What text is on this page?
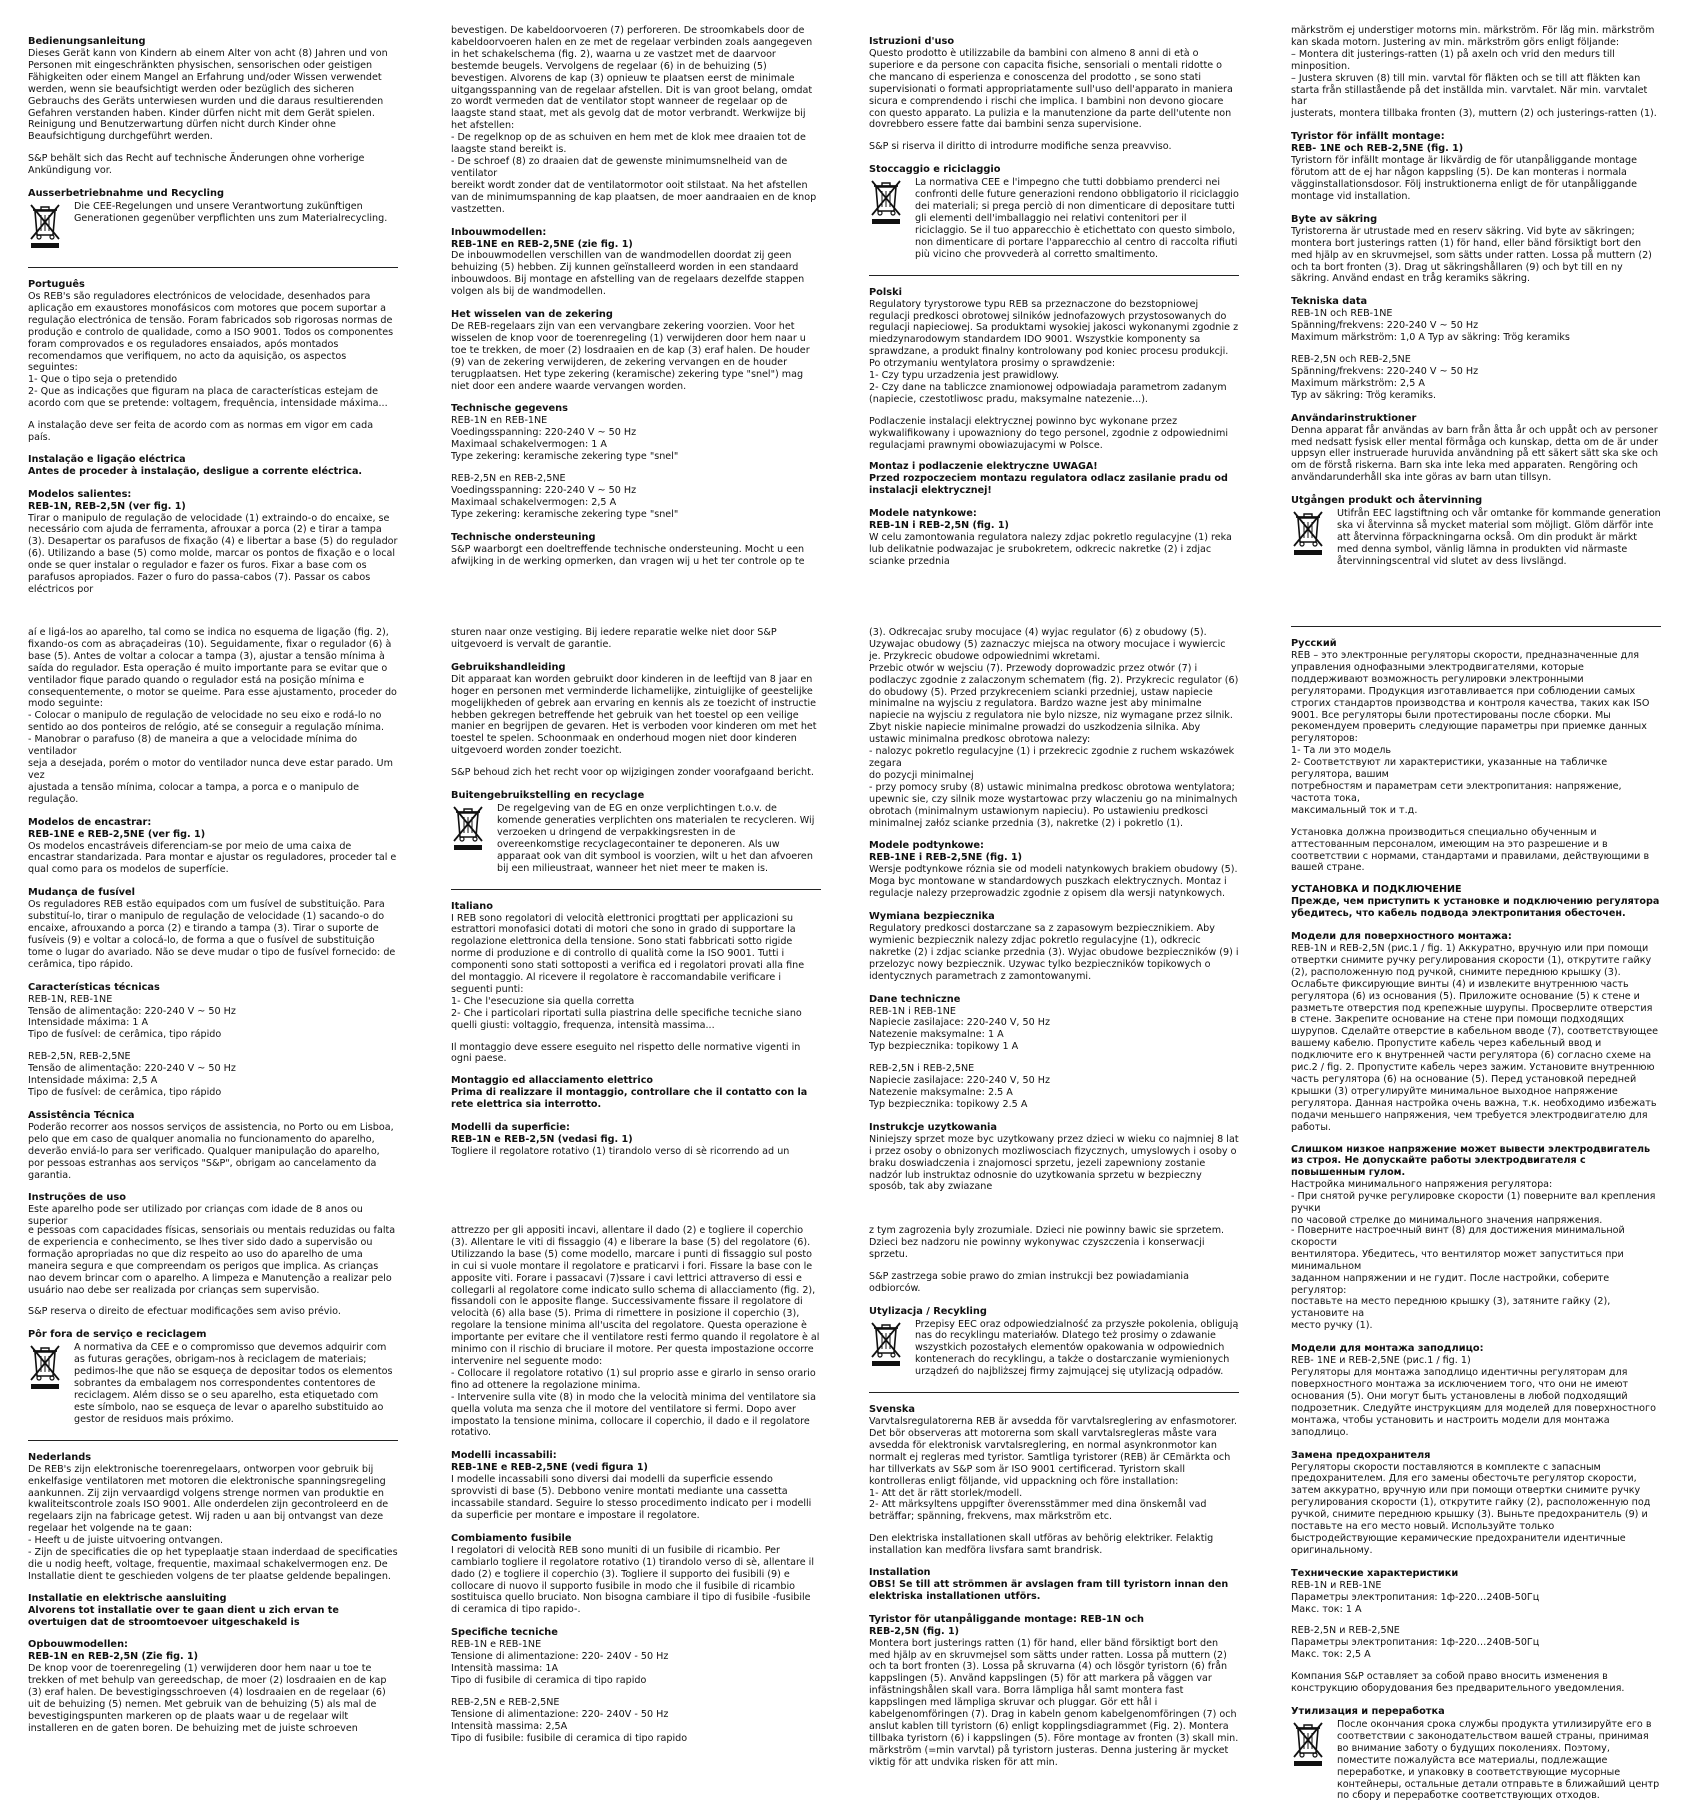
Bedienungsanleitung

Dieses Gerät kann von Kindern ab einem Alter von acht (8) Jahren und von Personen mit eingeschränkten physischen, sensorischen oder geistigen Fähigkeiten oder einem Mangel an Erfahrung und/oder Wissen verwendet werden, wenn sie beaufsichtigt werden oder bezüglich des sicheren Gebrauchs des Geräts unterwiesen wurden und die daraus resultierenden Gefahren verstanden haben. Kinder dürfen nicht mit dem Gerät spielen. Reinigung und Benutzerwartung dürfen nicht durch Kinder ohne Beaufsichtigung durchgeführt werden.

S&P behält sich das Recht auf technische Änderungen ohne vorherige Ankündigung vor.

Ausserbetriebnahme und Recycling
Die CEE-Regelungen und unsere Verantwortung zukünftigen Generationen gegenüber verpflichten uns zum Materialrecycling.
Português

Os REB's são reguladores electrónicos de velocidade, desenhados para aplicação em exaustores monofásicos com motores que pocem suportar a regulação electrónica de tensão. Foram fabricados sob rigorosas normas de produção e controlo de qualidade, como a ISO 9001. Todos os componentes foram comprovados e os reguladores ensaiados, após montados recomendamos que verifiquem, no acto da aquisição, os aspectos seguintes:
1- Que o tipo seja o pretendido
2- Que as indicações que figuram na placa de características estejam de
acordo com que se pretende: voltagem, frequência, intensidade máxima...

A instalação deve ser feita de acordo com as normas em vigor em cada país.

Instalação e ligação eléctrica

Antes de proceder à instalação, desligue a corrente eléctrica.

Modelos salientes:

REB-1N, REB-2,5N (ver fig. 1)

Tirar o manipulo de regulação de velocidade (1) extraindo-o do encaixe, se necessário com ajuda de ferramenta, afrouxar a porca (2) e tirar a tampa (3). Desapertar os parafusos de fixação (4) e libertar a base (5) do regulador (6). Utilizando a base (5) como molde, marcar os pontos de fixação e o local onde se quer instalar o regulador e fazer os furos. Fixar a base com os parafusos apropiados. Fazer o furo do passa-cabos (7). Passar os cabos eléctricos por

bevestigen. De kabeldoorvoeren (7) perforeren. De stroomkabels door de kabeldoorvoeren halen en ze met de regelaar verbinden zoals aangegeven in het schakelschema (fig. 2), waarna u ze vastzet met de daarvoor bestemde beugels. Vervolgens de regelaar (6) in de behuizing (5) bevestigen. Alvorens de kap (3) opnieuw te plaatsen eerst de minimale uitgangsspanning van de regelaar afstellen. Dit is van groot belang, omdat zo wordt vermeden dat de ventilator stopt wanneer de regelaar op de laagste stand staat, met als gevolg dat de motor verbrandt. Werkwijze bij het afstellen:
- De regelknop op de as schuiven en hem met de klok mee draaien tot de
laagste stand bereikt is.
- De schroef (8) zo draaien dat de gewenste minimumsnelheid van de ventilator
bereikt wordt zonder dat de ventilatormotor ooit stilstaat. Na het afstellen
van de minimumspanning de kap plaatsen, de moer aandraaien en de knop
vastzetten.

Inbouwmodellen:

REB-1NE en REB-2,5NE (zie fig. 1)

De inbouwmodellen verschillen van de wandmodellen doordat zij geen behuizing (5) hebben. Zij kunnen geïnstalleerd worden in een standaard inbouwdoos. Bij montage en afstelling van de regelaars dezelfde stappen volgen als bij de wandmodellen.

Het wisselen van de zekering

De REB-regelaars zijn van een vervangbare zekering voorzien. Voor het wisselen de knop voor de toerenregeling (1) verwijderen door hem naar u toe te trekken, de moer (2) losdraaien en de kap (3) eraf halen. De houder (9) van de zekering verwijderen, de zekering vervangen en de houder terugplaatsen. Het type zekering (keramische) zekering type "snel") mag niet door een andere waarde vervangen worden.

Technische gegevens

REB-1N en REB-1NE
Voedingsspanning: 220-240 V ~ 50 Hz
Maximaal schakelvermogen: 1 A
Type zekering: keramische zekering type "snel"

REB-2,5N en REB-2,5NE
Voedingsspanning: 220-240 V ~ 50 Hz
Maximaal schakelvermogen: 2,5 A
Type zekering: keramische zekering type "snel"

Technische ondersteuning

S&P waarborgt een doeltreffende technische ondersteuning. Mocht u een afwijking in de werking opmerken, dan vragen wij u het ter controle op te

Istruzioni d'uso

Questo prodotto è utilizzabile da bambini con almeno 8 anni di età o superiore e da persone con capacita fisiche, sensoriali o mentali ridotte o che mancano di esperienza e conoscenza del prodotto , se sono stati supervisionati o formati appropriatamente sull'uso dell'apparato in maniera sicura e comprendendo i rischi che implica. I bambini non devono giocare con questo apparato. La pulizia e la manutenzione da parte dell'utente non dovrebbero essere fatte dai bambini senza supervisione.

S&P si riserva il diritto di introdurre modifiche senza preavviso.

Stoccaggio e riciclaggio
La normativa CEE e l'impegno che tutti dobbiamo prenderci nei confronti delle future generazioni rendono obbligatorio il riciclaggio dei materiali; si prega perciò di non dimenticare di depositare tutti gli elementi dell'imballaggio nei relativi contenitori per il riciclaggio. Se il tuo apparecchio è etichettato con questo simbolo, non dimenticare di portare l'apparecchio al centro di raccolta rifiuti più vicino che provvederà al corretto smaltimento.
Polski

Regulatory tyrystorowe typu REB sa przeznaczone do bezstopniowej regulacji predkosci obrotowej silników jednofazowych przystosowanych do regulacji napieciowej. Sa produktami wysokiej jakosci wykonanymi zgodnie z miedzynarodowym standardem IDO 9001. Wszystkie komponenty sa sprawdzane, a produkt finalny kontrolowany pod koniec procesu produkcji. Po otrzymaniu wentylatora prosimy o sprawdzenie:
1- Czy typu urzadzenia jest prawidlowy.
2- Czy dane na tabliczce znamionowej odpowiadaja parametrom zadanym
(napiecie, czestotliwosc pradu, maksymalne natezenie...).

Podlaczenie instalacji elektrycznej powinno byc wykonane przez wykwalifikowany i upowazniony do tego personel, zgodnie z odpowiednimi regulacjami prawnymi obowiazujacymi w Polsce.

Montaz i podlaczenie elektryczne UWAGA!

Przed rozpoczeciem montazu regulatora odlacz zasilanie pradu od instalacji elektrycznej!

Modele natynkowe:

REB-1N i REB-2,5N (fig. 1)

W celu zamontowania regulatora nalezy zdjac pokretlo regulacyjne (1) reka lub delikatnie podwazajac je srubokretem, odkrecic nakretke (2) i zdjac scianke przednia

märkström ej understiger motorns min. märkström. För låg min. märkström kan skada motorn. Justering av min. märkström görs enligt följande:
– Montera dit justerings-ratten (1) på axeln och vrid den medurs till minposition.
– Justera skruven (8) till min. varvtal för fläkten och se till att fläkten kan
starta från stillastående på det inställda min. varvtalet. När min. varvtalet har
justerats, montera tillbaka fronten (3), muttern (2) och justerings-ratten (1).

Tyristor för infällt montage:

REB- 1NE och REB-2,5NE (fig. 1)

Tyristorn för infällt montage är likvärdig de för utanpåliggande montage förutom att de ej har någon kappsling (5). De kan monteras i normala vägginstallationsdosor. Följ instruktionerna enligt de för utanpåliggande montage vid installation.

Byte av säkring

Tyristorerna är utrustade med en reserv säkring. Vid byte av säkringen; montera bort justerings ratten (1) för hand, eller bänd försiktigt bort den med hjälp av en skruvmejsel, som sätts under ratten. Lossa på muttern (2) och ta bort fronten (3). Drag ut säkringshållaren (9) och byt till en ny säkring. Använd endast en tråg keramiks säkring.

Tekniska data

REB-1N och REB-1NE
Spänning/frekvens: 220-240 V ~ 50 Hz
Maximum märkström: 1,0 A Typ av säkring: Trög keramiks

REB-2,5N och REB-2,5NE
Spänning/frekvens: 220-240 V ~ 50 Hz
Maximum märkström: 2,5 A
Typ av säkring: Trög keramiks.

Användarinstruktioner

Denna apparat får användas av barn från åtta år och uppåt och av personer med nedsatt fysisk eller mental förmåga och kunskap, detta om de är under uppsyn eller instruerade huruvida användning på ett säkert sätt ska ske och om de förstå riskerna. Barn ska inte leka med apparaten. Rengöring och användarunderhåll ska inte göras av barn utan tillsyn.

Utgången produkt och återvinning
Utifrån EEC lagstiftning och vår omtanke för kommande generation ska vi återvinna så mycket material som möjligt. Glöm därför inte att återvinna förpackningarna också. Om din produkt är märkt med denna symbol, vänlig lämna in produkten vid närmaste återvinningscentral vid slutet av dess livslängd.

aí e ligá-los ao aparelho, tal como se indica no esquema de ligação (fig. 2), fixando-os com as abraçadeiras (10). Seguidamente, fixar o regulador (6) à base (5). Antes de voltar a colocar a tampa (3), ajustar a tensão mínima à saída do regulador. Esta operação é muito importante para se evitar que o ventilador fique parado quando o regulador está na posição mínima e consequentemente, o motor se queime. Para esse ajustamento, proceder do modo seguinte:
- Colocar o manipulo de regulação de velocidade no seu eixo e rodá-lo no
sentido ao dos ponteiros de relógio, até se conseguir a regulação mínima.
- Manobrar o parafuso (8) de maneira a que a velocidade mínima do ventilador
seja a desejada, porém o motor do ventilador nunca deve estar parado. Um vez
ajustada a tensão mínima, colocar a tampa, a porca e o manipulo de regulação.

Modelos de encastrar:

REB-1NE e REB-2,5NE (ver fig. 1)

Os modelos encastráveis diferenciam-se por meio de uma caixa de encastrar standarizada. Para montar e ajustar os reguladores, proceder tal e qual como para os modelos de superfície.

Mudança de fusível

Os reguladores REB estão equipados com um fusível de substituição. Para substituí-lo, tirar o manipulo de regulação de velocidade (1) sacando-o do encaixe, afrouxando a porca (2) e tirando a tampa (3). Tirar o suporte de fusíveis (9) e voltar a colocá-lo, de forma a que o fusível de substituição tome o lugar do avariado. Não se deve mudar o tipo de fusível fornecido: de cerâmica, tipo rápido.

Características técnicas

REB-1N, REB-1NE
Tensão de alimentação: 220-240 V ~ 50 Hz
Intensidade máxima: 1 A
Tipo de fusível: de cerâmica, tipo rápido

REB-2,5N, REB-2,5NE
Tensão de alimentação: 220-240 V ~ 50 Hz
Intensidade máxima: 2,5 A
Tipo de fusível: de cerâmica, tipo rápido

Assistência Técnica

Poderão recorrer aos nossos serviços de assistencia, no Porto ou em Lisboa, pelo que em caso de qualquer anomalia no funcionamento do aparelho, deverão enviá-lo para ser verificado. Qualquer manipulação do aparelho, por pessoas estranhas aos serviços "S&P", obrigam ao cancelamento da garantia.

Instruções de uso

Este aparelho pode ser utilizado por crianças com idade de 8 anos ou superior

sturen naar onze vestiging. Bij iedere reparatie welke niet door S&P uitgevoerd is vervalt de garantie.

Gebruikshandleiding

Dit apparaat kan worden gebruikt door kinderen in de leeftijd van 8 jaar en hoger en personen met verminderde lichamelijke, zintuiglijke of geestelijke mogelijkheden of gebrek aan ervaring en kennis als ze toezicht of instructie hebben gekregen betreffende het gebruik van het toestel op een veilige manier en begrijpen de gevaren. Het is verboden voor kinderen om met het toestel te spelen. Schoonmaak en onderhoud mogen niet door kinderen uitgevoerd worden zonder toezicht.

S&P behoud zich het recht voor op wijzigingen zonder voorafgaand bericht.

Buitengebruikstelling en recyclage
De regelgeving van de EG en onze verplichtingen t.o.v. de komende generaties verplichten ons materialen te recycleren. Wij verzoeken u dringend de verpakkingsresten in de overeenkomstige recyclagecontainer te deponeren. Als uw apparaat ook van dit symbool is voorzien, wilt u het dan afvoeren bij een milieustraat, wanneer het niet meer te maken is.
Italiano

I REB sono regolatori di velocità elettronici progttati per applicazioni su estrattori monofasici dotati di motori che sono in grado di supportare la regolazione elettronica della tensione. Sono stati fabbricati sotto rigide norme di produzione e di controllo di qualità come la ISO 9001. Tutti i componenti sono stati sottoposti a verifica ed i regolatori provati alla fine del montaggio. Al ricevere il regolatore è raccomandabile verificare i seguenti punti:
1- Che l'esecuzione sia quella corretta
2- Che i particolari riportati sulla piastrina delle specifiche tecniche siano
quelli giusti: voltaggio, frequenza, intensità massima...

Il montaggio deve essere eseguito nel rispetto delle normative vigenti in ogni paese.

Montaggio ed allacciamento elettrico

Prima di realizzare il montaggio, controllare che il contatto con la rete elettrica sia interrotto.

Modelli da superficie:

REB-1N e REB-2,5N (vedasi fig. 1)

Togliere il regolatore rotativo (1) tirandolo verso di sè ricorrendo ad un

(3). Odkrecajac sruby mocujace (4) wyjac regulator (6) z obudowy (5). Uzywajac obudowy (5) zaznaczyc miejsca na otwory mocujace i wywiercic je. Przykrecic obudowe odpowiednimi wkretami.
Przebic otwór w wejsciu (7). Przewody doprowadzic przez otwór (7) i podlaczyc zgodnie z zalaczonym schematem (fig. 2). Przykrecic regulator (6) do obudowy (5). Przed przykreceniem scianki przedniej, ustaw napiecie minimalne na wyjsciu z regulatora. Bardzo wazne jest aby minimalne napiecie na wyjsciu z regulatora nie bylo nizsze, niz wymagane przez silnik. Zbyt niskie napiecie minimalne prowadzi do uszkodzenia silnika. Aby ustawic minimalna predkosc obrotowa nalezy:
- nalozyc pokretlo regulacyjne (1) i przekrecic zgodnie z ruchem wskazówek zegara
do pozycji minimalnej
- przy pomocy sruby (8) ustawic minimalna predkosc obrotowa wentylatora;
upewnic sie, czy silnik moze wystartowac przy wlaczeniu go na minimalnych
obrotach (minimalnym ustawionym napieciu). Po ustawieniu predkosci
minimalnej załóz scianke przednia (3), nakretke (2) i pokretlo (1).

Modele podtynkowe:

REB-1NE i REB-2,5NE (fig. 1)

Wersje podtynkowe róznia sie od modeli natynkowych brakiem obudowy (5). Moga byc montowane w standardowych puszkach elektrycznych. Montaz i regulacje nalezy przeprowadzic zgodnie z opisem dla wersji natynkowych.

Wymiana bezpiecznika

Regulatory predkosci dostarczane sa z zapasowym bezpiecznikiem. Aby wymienic bezpiecznik nalezy zdjac pokretlo regulacyjne (1), odkrecic nakretke (2) i zdjac scianke przednia (3). Wyjac obudowe bezpieczników (9) i przelozyc nowy bezpiecznik. Uzywac tylko bezpieczników topikowych o identycznych parametrach z zamontowanymi.

Dane techniczne

REB-1N i REB-1NE
Napiecie zasilajace: 220-240 V, 50 Hz
Natezenie maksymalne: 1 A
Typ bezpiecznika: topikowy 1 A

REB-2,5N i REB-2,5NE
Napiecie zasilajace: 220-240 V, 50 Hz
Natezenie maksymalne: 2.5 A
Typ bezpiecznika: topikowy 2.5 A

Instrukcje uzytkowania

Niniejszy sprzet moze byc uzytkowany przez dzieci w wieku co najmniej 8 lat i przez osoby o obnizonych mozliwosciach fizycznych, umyslowych i osoby o braku doswiadczenia i znajomosci sprzetu, jezeli zapewniony zostanie nadzór lub instruktaz odnosnie do uzytkowania sprzetu w bezpieczny sposób, tak aby zwiazane

Русский

REB – это электронные регуляторы скорости, предназначенные для управления однофазными электродвигателями, которые поддерживают возможность регулировки электронными регуляторами. Продукция изготавливается при соблюдении самых строгих стандартов производства и контроля качества, таких как ISO 9001. Все регуляторы были протестированы после сборки. Мы рекомендуем проверить следующие параметры при приемке данных регуляторов:
1- Та ли это модель
2- Соответствуют ли характеристики, указанные на табличке регулятора, вашим
потребностям и параметрам сети электропитания: напряжение, частота тока,
максимальный ток и т.д.

Установка должна производиться специально обученным и аттестованным персоналом, имеющим на это разрешение и в соответствии с нормами, стандартами и правилами, действующими в вашей стране.

УСТАНОВКА И ПОДКЛЮЧЕНИЕ

Прежде, чем приступить к установке и подключению регулятора убедитесь, что кабель подвода электропитания обесточен.

Модели для поверхностного монтажа:

REB-1N и REB-2,5N (рис.1 / fig. 1) Аккуратно, вручную или при помощи отвертки снимите ручку регулирования скорости (1), открутите гайку (2), расположенную под ручкой, снимите переднюю крышку (3). Ослабьте фиксирующие винты (4) и извлеките внутреннюю часть регулятора (6) из основания (5). Приложите основание (5) к стене и разметьте отверстия под крепежные шурупы. Просверлите отверстия в стене. Закрепите основание на стене при помощи подходящих шурупов. Сделайте отверстие в кабельном вводе (7), соответствующее вашему кабелю. Пропустите кабель через кабельный ввод и подключите его к внутренней части регулятора (6) согласно схеме на рис.2 / fig. 2. Пропустите кабель через зажим. Установите внутреннюю часть регулятора (6) на основание (5). Перед установкой передней крышки (3) отрегулируйте минимальное выходное напряжение регулятора. Данная настройка очень важна, т.к. необходимо избежать подачи меньшего напряжения, чем требуется электродвигателю для работы.

Слишком низкое напряжение может вывести электродвигатель из строя. Не допускайте работы электродвигателя с повышенным гулом.

Настройка минимального напряжения регулятора:
- При снятой ручке регулировке скорости (1) поверните вал крепления ручки
по часовой стрелке до минимального значения напряжения.

e pessoas com capacidades físicas, sensoriais ou mentais reduzidas ou falta de experiencia e conhecimento, se lhes tiver sido dado a supervisão ou formação apropriadas no que diz respeito ao uso do aparelho de uma maneira segura e que compreendam os perigos que implica. As crianças nao devem brincar com o aparelho. A limpeza e Manutenção a realizar pelo usuário nao debe ser realizada por crianças sem supervisão.

S&P reserva o direito de efectuar modificações sem aviso prévio.

Pôr fora de serviço e reciclagem
A normativa da CEE e o compromisso que devemos adquirir com as futuras gerações, obrigam-nos à reciclagem de materiais; pedimos-lhe que não se esqueça de depositar todos os elementos sobrantes da embalagem nos correspondentes contentores de reciclagem. Além disso se o seu aparelho, esta etiquetado com este símbolo, nao se esqueça de levar o aparelho substituido ao gestor de residuos mais próximo.
Nederlands

De REB's zijn elektronische toerenregelaars, ontworpen voor gebruik bij enkelfasige ventilatoren met motoren die elektronische spanningsregeling aankunnen. Zij zijn vervaardigd volgens strenge normen van produktie en kwaliteitscontrole zoals ISO 9001. Alle onderdelen zijn gecontroleerd en de regelaars zijn na fabricage getest. Wij raden u aan bij ontvangst van deze regelaar het volgende na te gaan:
- Heeft u de juiste uitvoering ontvangen.
- Zijn de specificaties die op het typeplaatje staan inderdaad de specificaties
die u nodig heeft, voltage, frequentie, maximaal schakelvermogen enz. De
Installatie dient te geschieden volgens de ter plaatse geldende bepalingen.

Installatie en elektrische aansluiting

Alvorens tot installatie over te gaan dient u zich ervan te overtuigen dat de stroomtoevoer uitgeschakeld is

Opbouwmodellen:

REB-1N en REB-2,5N (Zie fig. 1)

De knop voor de toerenregeling (1) verwijderen door hem naar u toe te trekken of met behulp van gereedschap, de moer (2) losdraaien en de kap (3) eraf halen. De bevestigingsschroeven (4) losdraaien en de regelaar (6) uit de behuizing (5) nemen. Met gebruik van de behuizing (5) als mal de bevestigingspunten markeren op de plaats waar u de regelaar wilt installeren en de gaten boren. De behuizing met de juiste schroeven

attrezzo per gli appositi incavi, allentare il dado (2) e togliere il coperchio (3). Allentare le viti di fissaggio (4) e liberare la base (5) del regolatore (6). Utilizzando la base (5) come modello, marcare i punti di fissaggio sul posto in cui si vuole montare il regolatore e praticarvi i fori. Fissare la base con le apposite viti. Forare i passacavi (7)ssare i cavi lettrici attraverso di essi e collegarli al regolatore come indicato sullo schema di allacciamento (fig. 2), fissandoli con le apposite flange. Successivamente fissare il regolatore di velocità (6) alla base (5). Prima di rimettere in posizione il coperchio (3), regolare la tensione minima all'uscita del regolatore. Questa operazione è importante per evitare che il ventilatore resti fermo quando il regolatore è al minimo con il rischio di bruciare il motore. Per questa impostazione occorre intervenire nel seguente modo:
- Collocare il regolatore rotativo (1) sul proprio asse e girarlo in senso orario
fino ad ottenere la regolazione minima.
- Intervenire sulla vite (8) in modo che la velocità minima del ventilatore sia
quella voluta ma senza che il motore del ventilatore si fermi. Dopo aver
impostato la tensione minima, collocare il coperchio, il dado e il regolatore
rotativo.

Modelli incassabili:

REB-1NE e REB-2,5NE (vedi figura 1)

I modelle incassabili sono diversi dai modelli da superficie essendo sprovvisti di base (5). Debbono venire montati mediante una cassetta incassabile standard. Seguire lo stesso procedimento indicato per i modelli da superficie per montare e impostare il regolatore.

Combiamento fusibile

I regolatori di velocità REB sono muniti di un fusibile di ricambio. Per cambiarlo togliere il regolatore rotativo (1) tirandolo verso di sè, allentare il dado (2) e togliere il coperchio (3). Togliere il supporto dei fusibili (9) e collocare di nuovo il supporto fusibile in modo che il fusibile di ricambio sostituisca quello bruciato. Non bisogna cambiare il tipo di fusibile -fusibile di ceramica di tipo rapido-.

Specifiche tecniche

REB-1N e REB-1NE
Tensione di alimentazione: 220- 240V - 50 Hz
Intensità massima: 1A
Tipo di fusibile di ceramica di tipo rapido

REB-2,5N e REB-2,5NE
Tensione di alimentazione: 220- 240V - 50 Hz
Intensità massima: 2,5A
Tipo di fusibile: fusibile di ceramica di tipo rapido

z tym zagrozenia byly zrozumiale. Dzieci nie powinny bawic sie sprzetem. Dzieci bez nadzoru nie powinny wykonywac czyszczenia i konserwacji sprzetu.

S&P zastrzega sobie prawo do zmian instrukcji bez powiadamiania odbiorców.

Utylizacja / Recykling
Przepisy EEC oraz odpowiedzialność za przyszłe pokolenia, obligują nas do recyklingu materiałów. Dlatego też prosimy o zdawanie wszystkich pozostałych elementów opakowania w odpowiednich kontenerach do recyklingu, a także o dostarczanie wymienionych urządzeń do najbliższej firmy zajmującej się utylizacją odpadów.
Svenska

Varvtalsregulatorerna REB är avsedda för varvtalsreglering av enfasmotorer. Det bör observeras att motorerna som skall varvtalsregleras måste vara avsedda för elektronisk varvtalsreglering, en normal asynkronmotor kan normalt ej regleras med tyristor. Samtliga tyristorer (REB) är CEmärkta och har tillverkats av S&P som är ISO 9001 certificerad. Tyristorn skall kontrolleras enligt följande, vid uppackning och före installation:
1- Att det är rätt storlek/modell.
2- Att märksyltens uppgifter överensstämmer med dina önskemål vad
beträffar; spänning, frekvens, max märkström etc.

Den elektriska installationen skall utföras av behörig elektriker. Felaktig installation kan medföra livsfara samt brandrisk.

Installation

OBS! Se till att strömmen är avslagen fram till tyristorn innan den elektriska installationen utförs.

Tyristor för utanpåliggande montage: REB-1N och

REB-2,5N (fig. 1)

Montera bort justerings ratten (1) för hand, eller bänd försiktigt bort den med hjälp av en skruvmejsel som sätts under ratten. Lossa på muttern (2) och ta bort fronten (3). Lossa på skruvarna (4) och lösgör tyristorn (6) från kappslingen (5). Använd kappslingen (5) för att markera på väggen var infästningshålen skall vara. Borra lämpliga hål samt montera fast kappslingen med lämpliga skruvar och pluggar. Gör ett hål i kabelgenomföringen (7). Drag in kabeln genom kabelgenomföringen (7) och anslut kablen till tyristorn (6) enligt kopplingsdiagrammet (Fig. 2). Montera tillbaka tyristorn (6) i kappslingen (5). Före montage av fronten (3) skall min. märkström (=min varvtal) på tyristorn justeras. Denna justering är mycket viktig för att undvika risken för att min.

- Поверните настроечный винт (8) для достижения минимальной скорости
вентилятора. Убедитесь, что вентилятор может запуститься при минимальном
заданном напряжении и не гудит. После настройки, соберите регулятор:
поставьте на место переднюю крышку (3), затяните гайку (2), установите на
место ручку (1).

Модели для монтажа заподлицо:

REB- 1NE и REB-2,5NE (рис.1 / fig. 1)
Регуляторы для монтажа заподлицо идентичны регуляторам для поверхностного монтажа за исключением того, что они не имеют основания (5). Они могут быть установлены в любой подходящий подрозетник. Следуйте инструкциям для моделей для поверхностного монтажа, чтобы установить и настроить модели для монтажа заподлицо.

Замена предохранителя

Регуляторы скорости поставляются в комплекте с запасным предохранителем. Для его замены обесточьте регулятор скорости, затем аккуратно, вручную или при помощи отвертки снимите ручку регулирования скорости (1), открутите гайку (2), расположенную под ручкой, снимите переднюю крышку (3). Выньте предохранитель (9) и поставьте на его место новый. Используйте только быстродействующие керамические предохранители идентичные оригинальному.

Технические характеристики

REB-1N и REB-1NE
Параметры электропитания: 1ф-220…240В-50Гц
Макс. ток: 1 А

REB-2,5N и REB-2,5NE
Параметры электропитания: 1ф-220…240В-50Гц
Макс. ток: 2,5 А

Компания S&P оставляет за собой право вносить изменения в конструкцию оборудования без предварительного уведомления.

Утилизация и переработка
После окончания срока службы продукта утилизируйте его в соответствии с законодательством вашей страны, принимая во внимание заботу о будущих поколениях. Поэтому, поместите пожалуйста все материалы, подлежащие переработке, и упаковку в соответствующие мусорные контейнеры, остальные детали отправьте в ближайший центр по сбору и переработке соответствующих отходов.
